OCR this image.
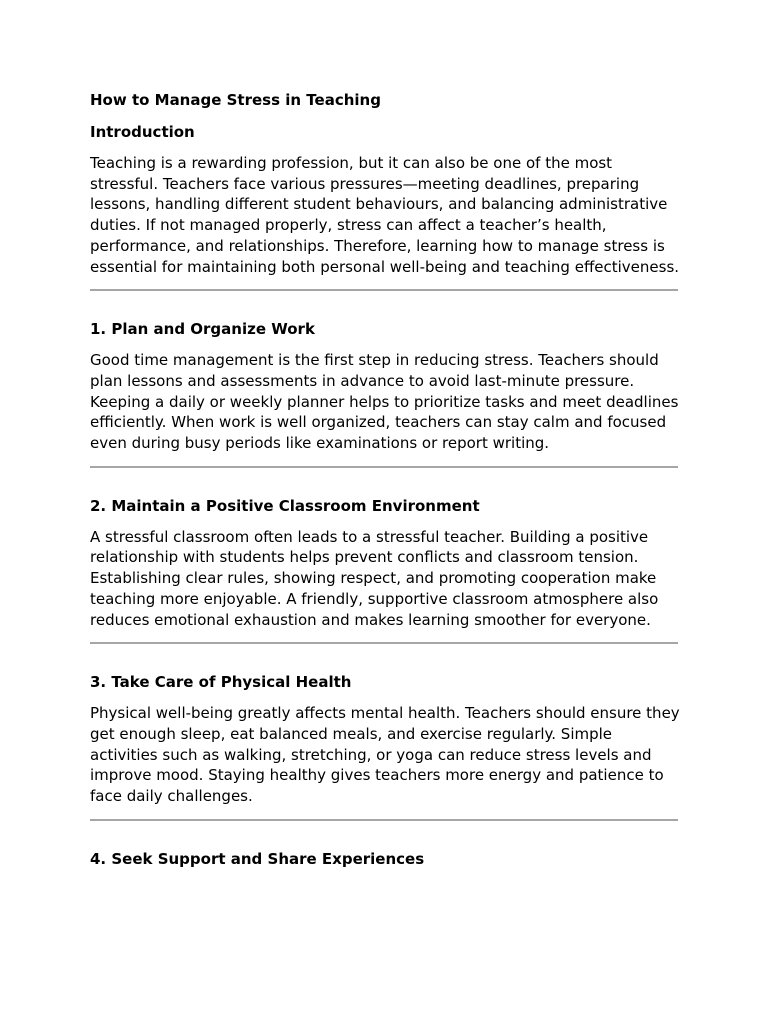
How to Manage Stress in Teaching
Introduction

Teaching is a rewarding profession, but it can also be one of the most stressful. Teachers face various pressures—meeting deadlines, preparing lessons, handling different student behaviours, and balancing administrative duties. If not managed properly, stress can affect a teacher’s health, performance, and relationships. Therefore, learning how to manage stress is essential for maintaining both personal well-being and teaching effectiveness.

1. Plan and Organize Work

Good time management is the first step in reducing stress. Teachers should plan lessons and assessments in advance to avoid last-minute pressure. Keeping a daily or weekly planner helps to prioritize tasks and meet deadlines efficiently. When work is well organized, teachers can stay calm and focused even during busy periods like examinations or report writing.

2. Maintain a Positive Classroom Environment

A stressful classroom often leads to a stressful teacher. Building a positive relationship with students helps prevent conflicts and classroom tension. Establishing clear rules, showing respect, and promoting cooperation make teaching more enjoyable. A friendly, supportive classroom atmosphere also reduces emotional exhaustion and makes learning smoother for everyone.

3. Take Care of Physical Health

Physical well-being greatly affects mental health. Teachers should ensure they get enough sleep, eat balanced meals, and exercise regularly. Simple activities such as walking, stretching, or yoga can reduce stress levels and improve mood. Staying healthy gives teachers more energy and patience to face daily challenges.

4. Seek Support and Share Experiences
